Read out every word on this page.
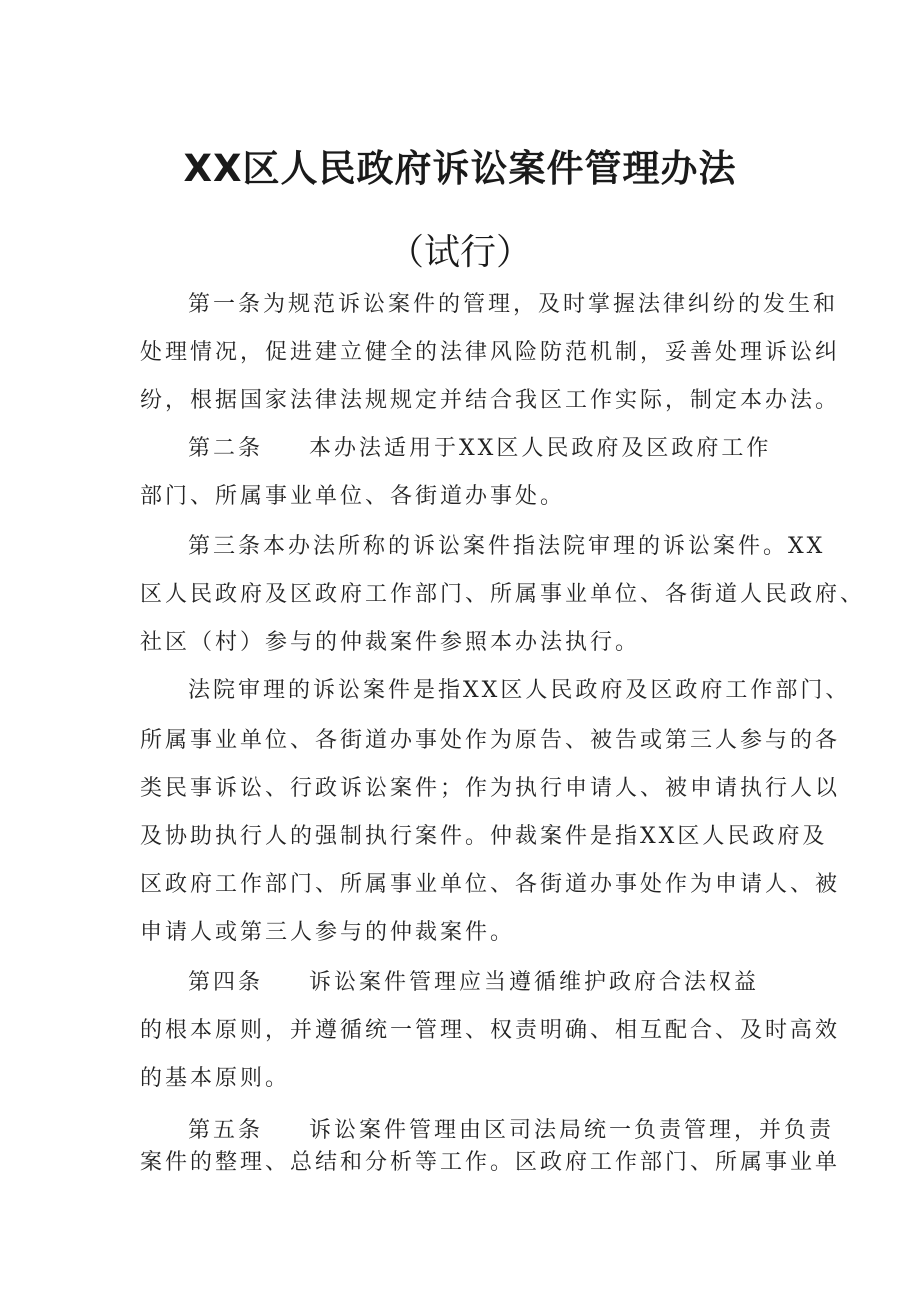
XX区人民政府诉讼案件管理办法
（试行）
第一条为规范诉讼案件的管理，及时掌握法律纠纷的发生和
处理情况，促进建立健全的法律风险防范机制，妥善处理诉讼纠
纷，根据国家法律法规规定并结合我区工作实际，制定本办法。
第二条 本办法适用于XX区人民政府及区政府工作
部门、所属事业单位、各街道办事处。
第三条本办法所称的诉讼案件指法院审理的诉讼案件。XX
区人民政府及区政府工作部门、所属事业单位、各街道人民政府、
社区（村）参与的仲裁案件参照本办法执行。
法院审理的诉讼案件是指XX区人民政府及区政府工作部门、
所属事业单位、各街道办事处作为原告、被告或第三人参与的各
类民事诉讼、行政诉讼案件；作为执行申请人、被申请执行人以
及协助执行人的强制执行案件。仲裁案件是指XX区人民政府及
区政府工作部门、所属事业单位、各街道办事处作为申请人、被
申请人或第三人参与的仲裁案件。
第四条 诉讼案件管理应当遵循维护政府合法权益
的根本原则，并遵循统一管理、权责明确、相互配合、及时高效
的基本原则。
第五条 诉讼案件管理由区司法局统一负责管理，并负责
案件的整理、总结和分析等工作。区政府工作部门、所属事业单
